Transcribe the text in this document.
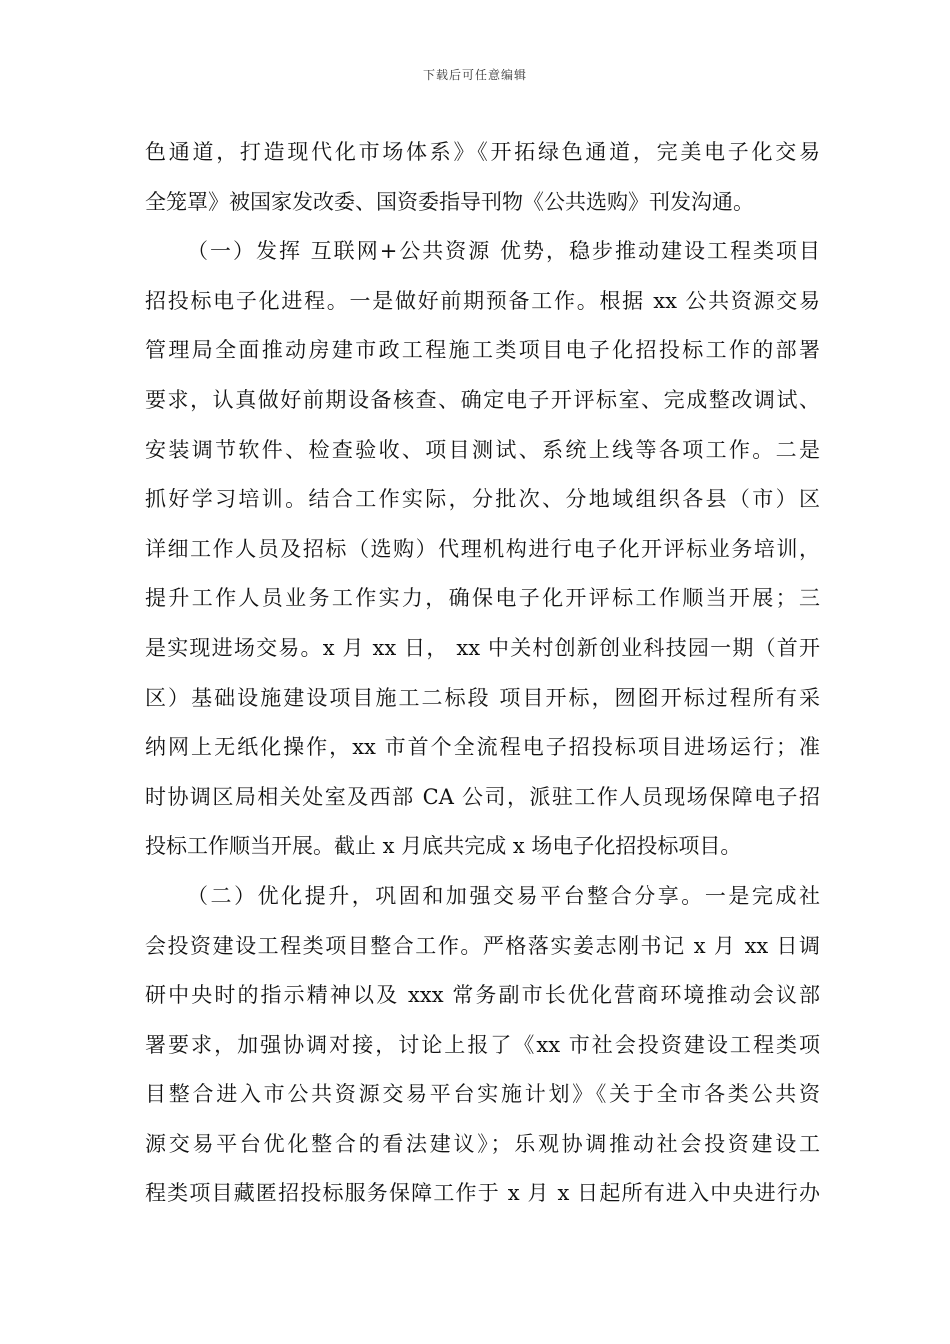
下载后可任意编辑
色通道，打造现代化市场体系》《开拓绿色通道，完美电子化交易
全笼罩》被国家发改委、国资委指导刊物《公共选购》刊发沟通。
（一）发挥 互联网+公共资源 优势，稳步推动建设工程类项目
招投标电子化进程。一是做好前期预备工作。根据 xx 公共资源交易
管理局全面推动房建市政工程施工类项目电子化招投标工作的部署
要求，认真做好前期设备核查、确定电子开评标室、完成整改调试、
安装调节软件、检查验收、项目测试、系统上线等各项工作。二是
抓好学习培训。结合工作实际，分批次、分地域组织各县（市）区
详细工作人员及招标（选购）代理机构进行电子化开评标业务培训，
提升工作人员业务工作实力，确保电子化开评标工作顺当开展；三
是实现进场交易。x 月 xx 日， xx 中关村创新创业科技园一期（首开
区）基础设施建设项目施工二标段 项目开标，囫囵开标过程所有采
纳网上无纸化操作，xx 市首个全流程电子招投标项目进场运行；准
时协调区局相关处室及西部 CA 公司，派驻工作人员现场保障电子招
投标工作顺当开展。截止 x 月底共完成 x 场电子化招投标项目。
（二）优化提升，巩固和加强交易平台整合分享。一是完成社
会投资建设工程类项目整合工作。严格落实姜志刚书记 x 月 xx 日调
研中央时的指示精神以及 xxx 常务副市长优化营商环境推动会议部
署要求，加强协调对接，讨论上报了《xx 市社会投资建设工程类项
目整合进入市公共资源交易平台实施计划》《关于全市各类公共资
源交易平台优化整合的看法建议》；乐观协调推动社会投资建设工
程类项目藏匿招投标服务保障工作于 x 月 x 日起所有进入中央进行办
